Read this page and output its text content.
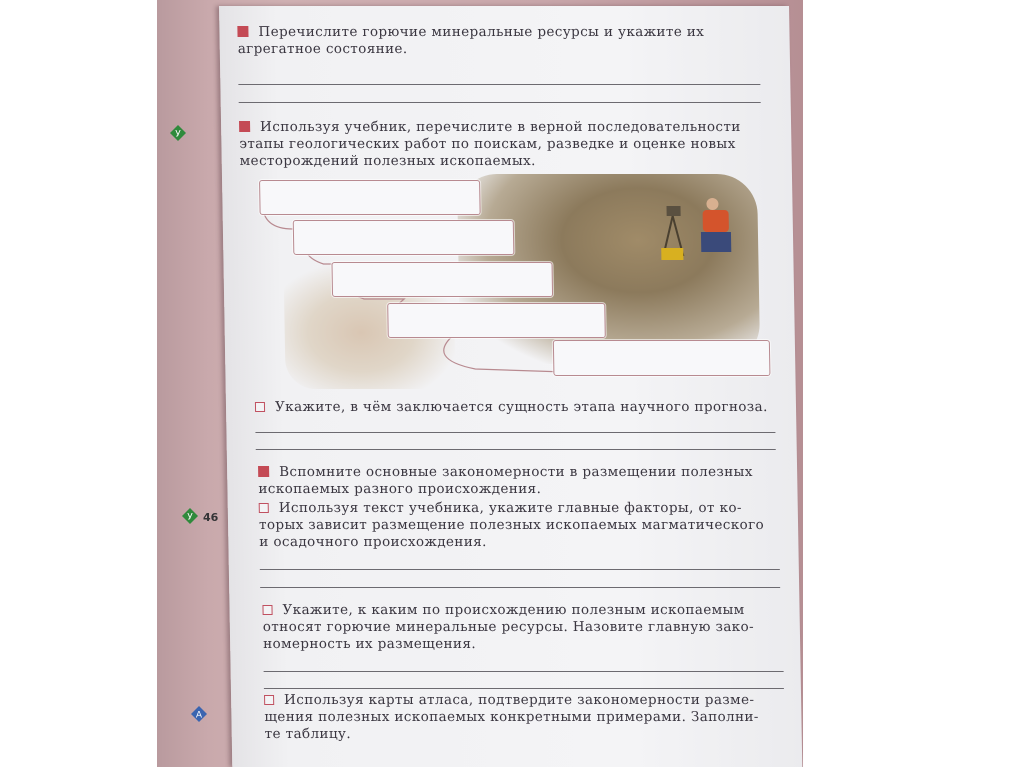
У
У 46
А
Перечислите горючие минеральные ресурсы и укажите их
агрегатное состояние.
Используя учебник, перечислите в верной последовательности
этапы геологических работ по поискам, разведке и оценке новых
месторождений полезных ископаемых.
Укажите, в чём заключается сущность этапа научного прогноза.
Вспомните основные закономерности в размещении полезных
ископаемых разного происхождения.
Используя текст учебника, укажите главные факторы, от ко-
торых зависит размещение полезных ископаемых магматического
и осадочного происхождения.
Укажите, к каким по происхождению полезным ископаемым
относят горючие минеральные ресурсы. Назовите главную зако-
номерность их размещения.
Используя карты атласа, подтвердите закономерности разме-
щения полезных ископаемых конкретными примерами. Заполни-
те таблицу.
